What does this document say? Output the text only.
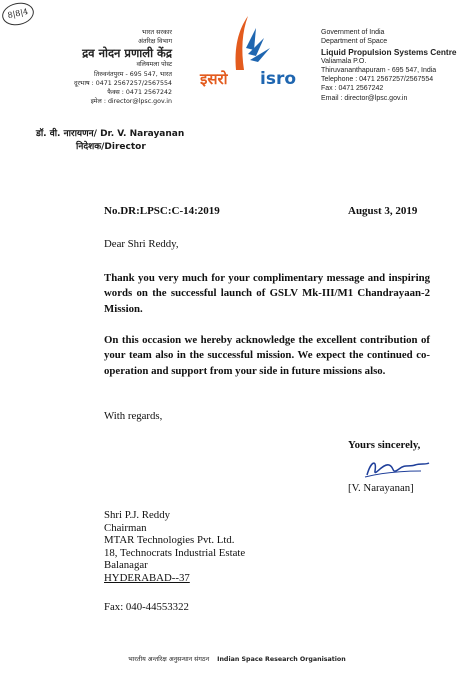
8|8|4
भारत सरकार
अंतरिक्ष विभाग
द्रव नोदन प्रणाली केंद्र
वलियमला पोस्ट
तिरुवनंतपुरम - 695 547, भारत
दूरभाष : 0471 2567257/2567554
फैक्स : 0471 2567242
इमेल : director@lpsc.gov.in
इसरो isro
Government of India
Department of Space
Liquid Propulsion Systems Centre
Valiamala P.O.
Thiruvananthapuram - 695 547, India
Telephone : 0471 2567257/2567554
Fax : 0471 2567242
Email : director@lpsc.gov.in
डॉ. वी. नारायणन/ Dr. V. Narayanan
निदेशक/Director
No.DR:LPSC:C-14:2019	August 3, 2019
Dear Shri Reddy,
Thank you very much for your complimentary message and inspiring words on the successful launch of GSLV Mk-III/M1 Chandrayaan-2 Mission.
On this occasion we hereby acknowledge the excellent contribution of your team also in the successful mission. We expect the continued co-operation and support from your side in future missions also.
With regards,
Yours sincerely,
[V. Narayanan]
Shri P.J. Reddy
Chairman
MTAR Technologies Pvt. Ltd.
18, Technocrats Industrial Estate
Balanagar
HYDERABAD--37
Fax: 040-44553322
भारतीय अन्तरिक्ष अनुसन्धान संगठन Indian Space Research Organisation
